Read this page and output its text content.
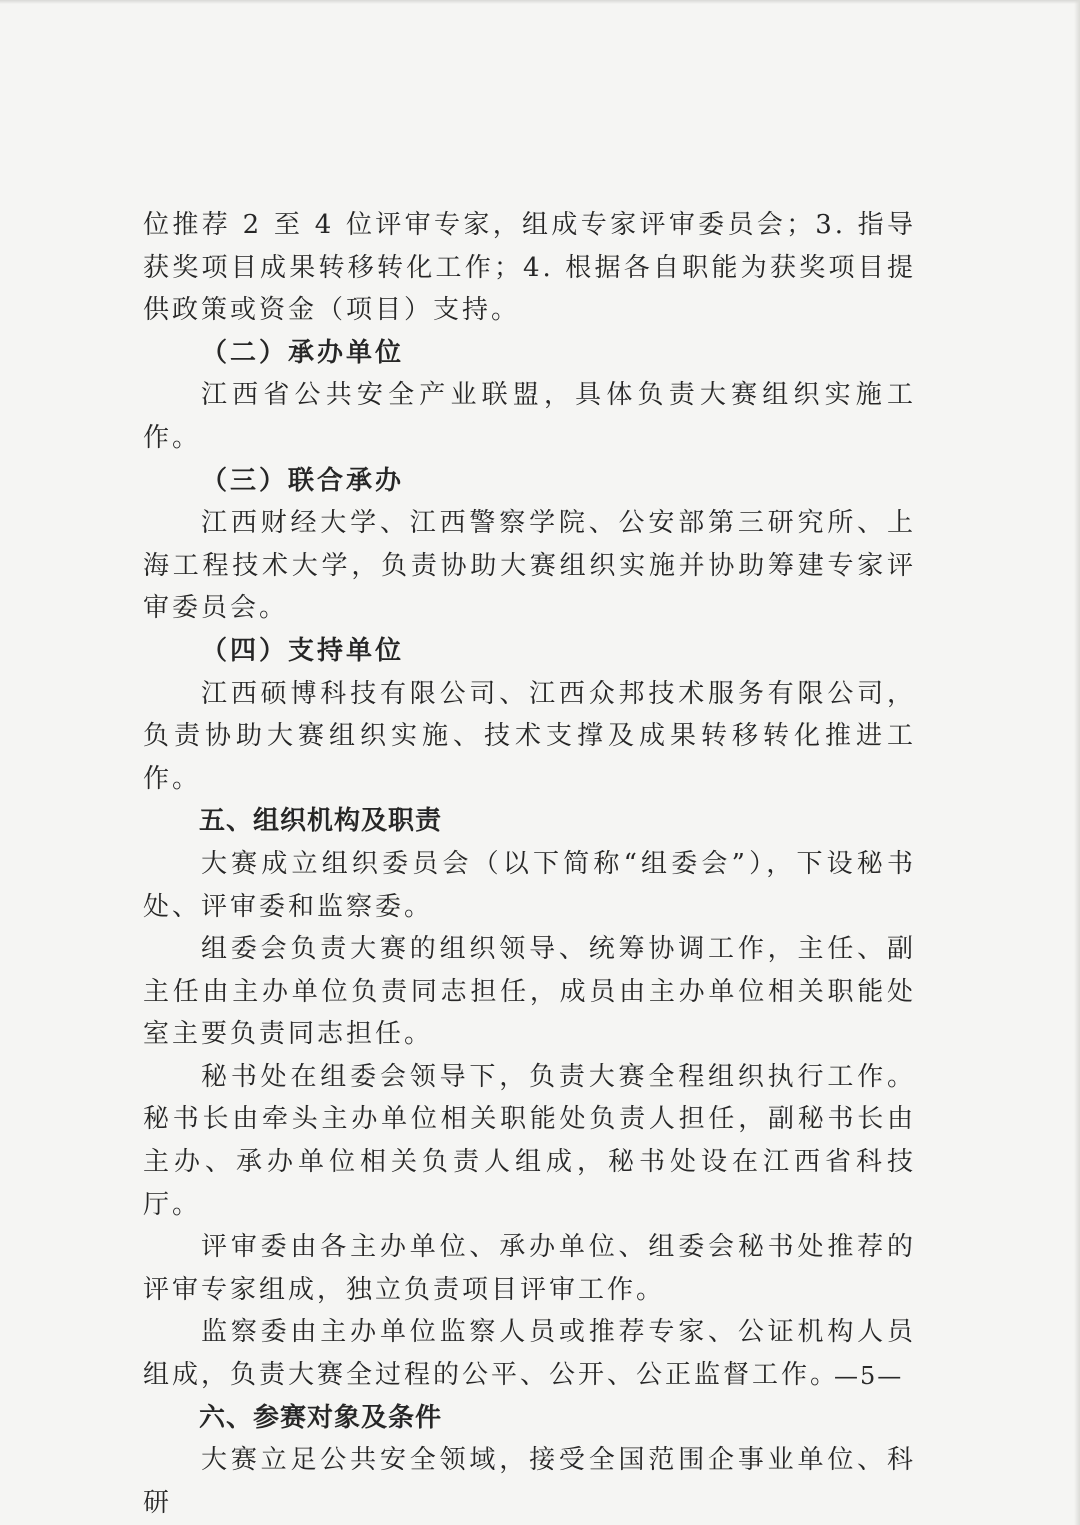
位推荐 2 至 4 位评审专家，组成专家评审委员会；3. 指导获奖项目成果转移转化工作；4. 根据各自职能为获奖项目提供政策或资金（项目）支持。

（二）承办单位

江西省公共安全产业联盟，具体负责大赛组织实施工作。

（三）联合承办

江西财经大学、江西警察学院、公安部第三研究所、上海工程技术大学，负责协助大赛组织实施并协助筹建专家评审委员会。

（四）支持单位

江西硕博科技有限公司、江西众邦技术服务有限公司，负责协助大赛组织实施、技术支撑及成果转移转化推进工作。

五、组织机构及职责

大赛成立组织委员会（以下简称“组委会”），下设秘书处、评审委和监察委。

组委会负责大赛的组织领导、统筹协调工作，主任、副主任由主办单位负责同志担任，成员由主办单位相关职能处室主要负责同志担任。

秘书处在组委会领导下，负责大赛全程组织执行工作。秘书长由牵头主办单位相关职能处负责人担任，副秘书长由主办、承办单位相关负责人组成，秘书处设在江西省科技厅。

评审委由各主办单位、承办单位、组委会秘书处推荐的评审专家组成，独立负责项目评审工作。

监察委由主办单位监察人员或推荐专家、公证机构人员组成，负责大赛全过程的公平、公开、公正监督工作。

六、参赛对象及条件

大赛立足公共安全领域，接受全国范围企事业单位、科研

—5—
